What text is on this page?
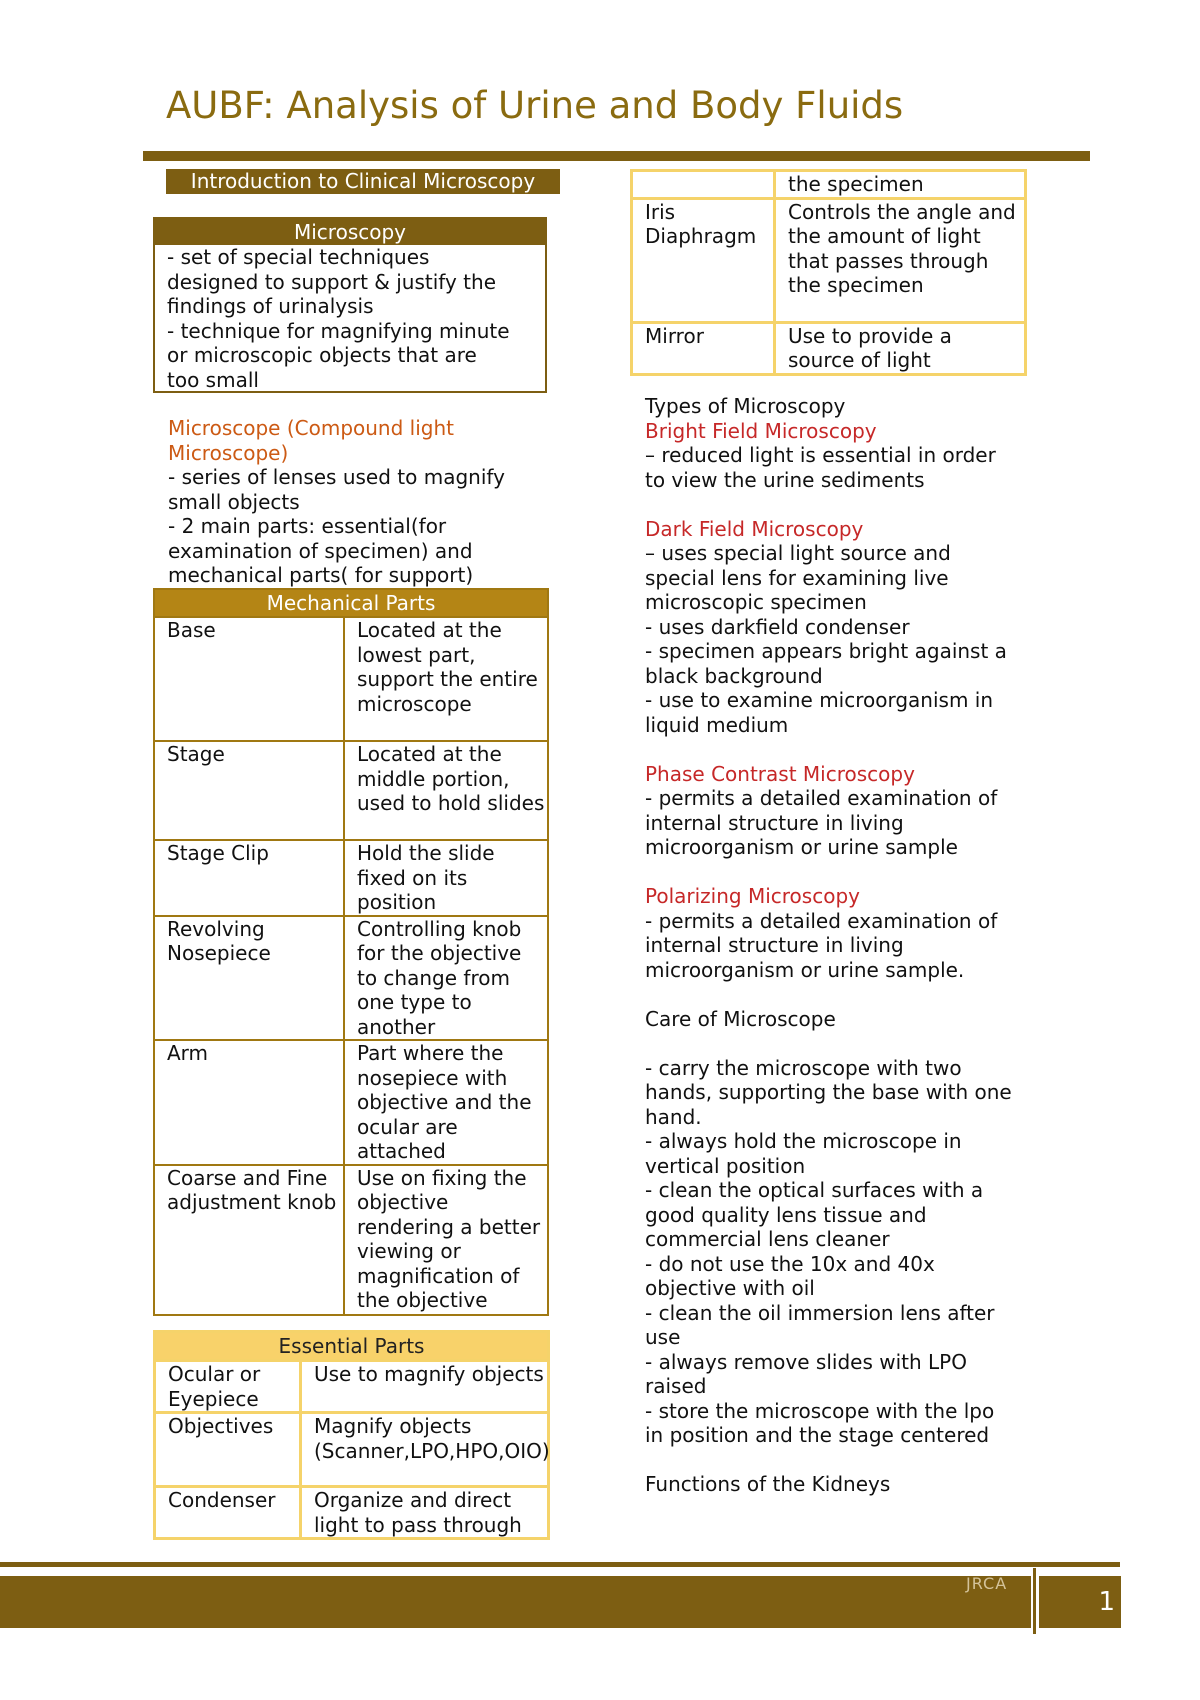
AUBF: Analysis of Urine and Body Fluids
Introduction to Clinical Microscopy
Microscopy
- set of special techniques
designed to support & justify the
findings of urinalysis
- technique for magnifying minute
or microscopic objects that are
too small
Microscope (Compound light
Microscope)
- series of lenses used to magnify
small objects
- 2 main parts: essential(for
examination of specimen) and
mechanical parts( for support)
Mechanical Parts	
Base	Located at the lowest part, support the entire microscope
Stage	Located at the middle portion, used to hold slides
Stage Clip	Hold the slide fixed on its position
Revolving Nosepiece	Controlling knob for the objective to change from one type to another
Arm	Part where the nosepiece with objective and the ocular are attached
Coarse and Fine adjustment knob	Use on fixing the objective rendering a better viewing or magnification of the objective
Essential Parts	
Ocular or Eyepiece	Use to magnify objects
Objectives	Magnify objects (Scanner,LPO,HPO,OIO)
Condenser	Organize and direct light to pass through
	the specimen
Iris Diaphragm	Controls the angle and the amount of light that passes through the specimen
Mirror	Use to provide a source of light
Types of Microscopy
Bright Field Microscopy
– reduced light is essential in order
to view the urine sediments
Dark Field Microscopy
– uses special light source and
special lens for examining live
microscopic specimen
- uses darkfield condenser
- specimen appears bright against a
black background
- use to examine microorganism in
liquid medium
Phase Contrast Microscopy
- permits a detailed examination of
internal structure in living
microorganism or urine sample
Polarizing Microscopy
- permits a detailed examination of
internal structure in living
microorganism or urine sample.
Care of Microscope
- carry the microscope with two
hands, supporting the base with one
hand.
- always hold the microscope in
vertical position
- clean the optical surfaces with a
good quality lens tissue and
commercial lens cleaner
- do not use the 10x and 40x
objective with oil
- clean the oil immersion lens after
use
- always remove slides with LPO
raised
- store the microscope with the lpo
in position and the stage centered
Functions of the Kidneys
JRCA
1
